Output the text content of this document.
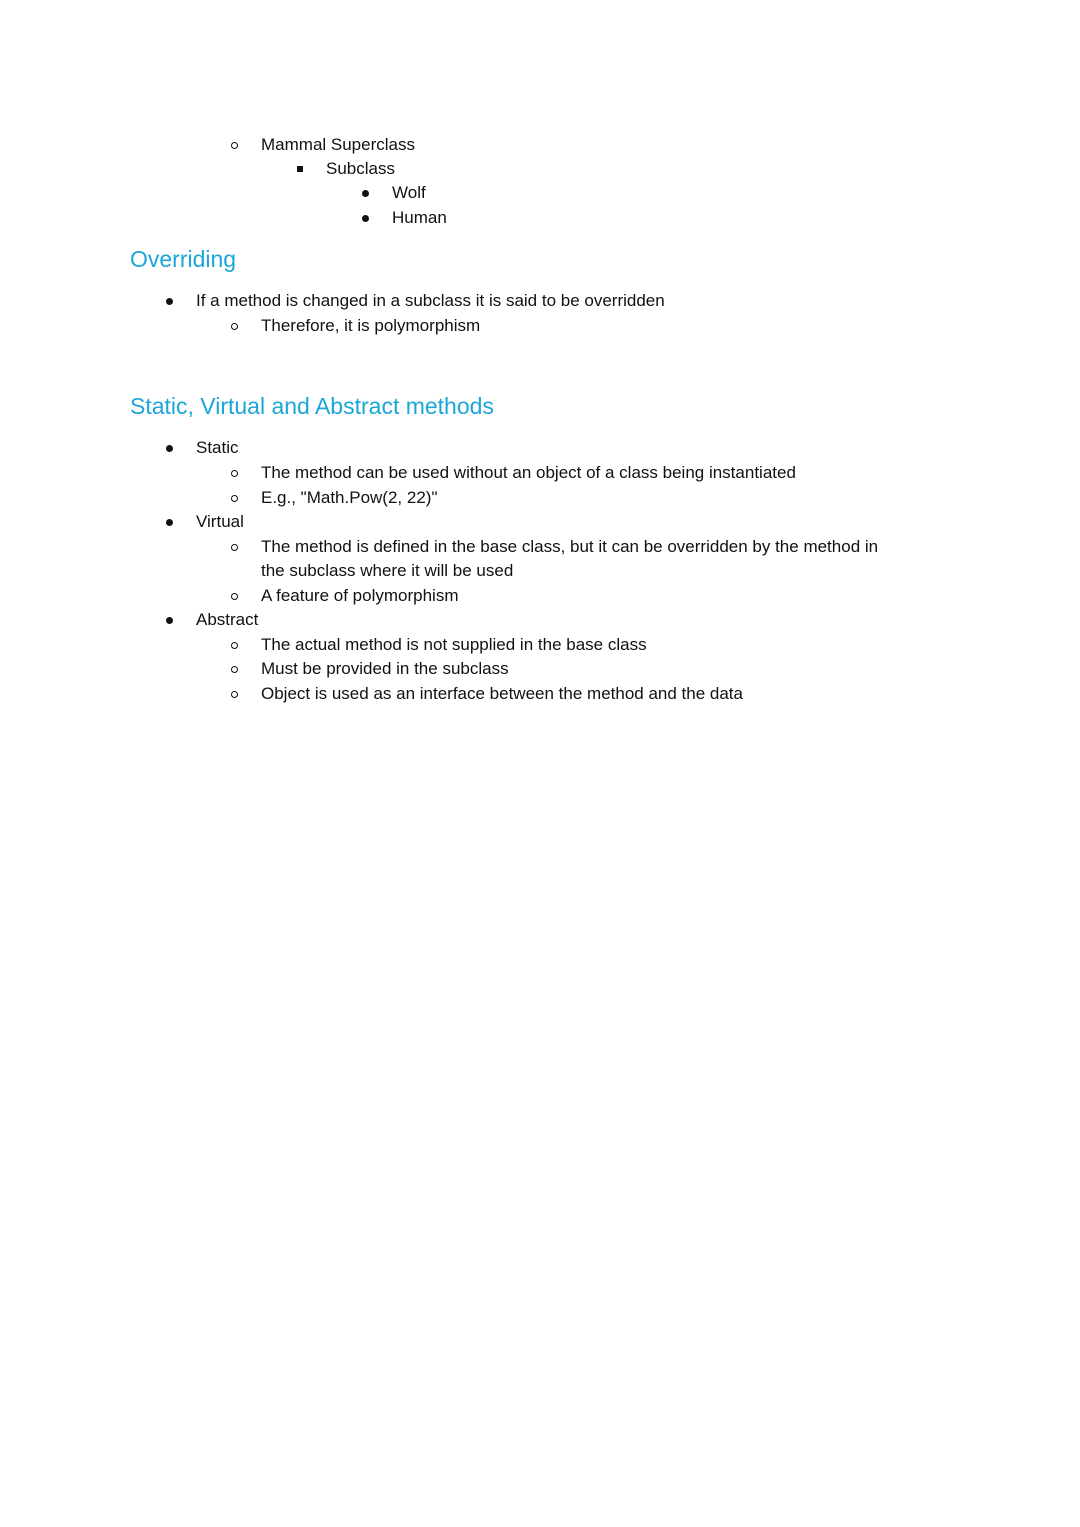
Mammal Superclass
Subclass
Wolf
Human
Overriding
If a method is changed in a subclass it is said to be overridden
Therefore, it is polymorphism
Static, Virtual and Abstract methods
Static
The method can be used without an object of a class being instantiated
E.g., "Math.Pow(2, 22)"
Virtual
The method is defined in the base class, but it can be overridden by the method in
the subclass where it will be used
A feature of polymorphism
Abstract
The actual method is not supplied in the base class
Must be provided in the subclass
Object is used as an interface between the method and the data
